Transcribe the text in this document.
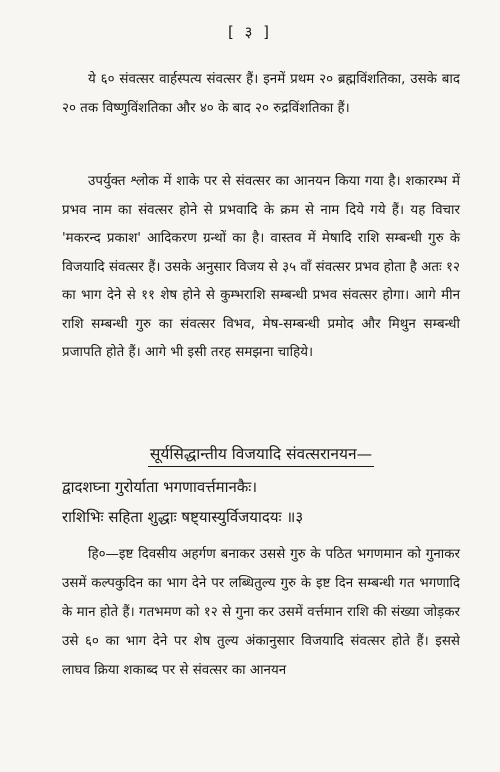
[ ३ ]

ये ६० संवत्सर वार्हस्पत्य संवत्सर हैं। इनमें प्रथम २० ब्रह्मविंशतिका, उसके बाद २० तक विष्णुविंशतिका और ४० के बाद २० रुद्रविंशतिका हैं।

उपर्युक्त श्लोक में शाके पर से संवत्सर का आनयन किया गया है। शकारम्भ में प्रभव नाम का संवत्सर होने से प्रभवादि के क्रम से नाम दिये गये हैं। यह विचार 'मकरन्द प्रकाश' आदिकरण ग्रन्थों का है। वास्तव में मेषादि राशि सम्बन्धी गुरु के विजयादि संवत्सर हैं। उसके अनुसार विजय से ३५ वाँ संवत्सर प्रभव होता है अतः १२ का भाग देने से ११ शेष होने से कुम्भराशि सम्बन्धी प्रभव संवत्सर होगा। आगे मीन राशि सम्बन्धी गुरु का संवत्सर विभव, मेष-सम्बन्धी प्रमोद और मिथुन सम्बन्धी प्रजापति होते हैं। आगे भी इसी तरह समझना चाहिये।

सूर्यसिद्धान्तीय विजयादि संवत्सरानयन—

द्वादशघ्ना गुरोर्याता भगणावर्त्तमानकैः।

राशिभिः सहिता शुद्धाः षष्ट्यास्युर्विजयादयः ॥३

हि०—इष्ट दिवसीय अहर्गण बनाकर उससे गुरु के पठित भगणमान को गुनाकर उसमें कल्पकुदिन का भाग देने पर लब्धितुल्य गुरु के इष्ट दिन सम्बन्धी गत भगणादि के मान होते हैं। गतभमण को १२ से गुना कर उसमें वर्त्तमान राशि की संख्या जोड़कर उसे ६० का भाग देने पर शेष तुल्य अंकानुसार विजयादि संवत्सर होते हैं। इससे लाघव क्रिया शकाब्द पर से संवत्सर का आनयन
